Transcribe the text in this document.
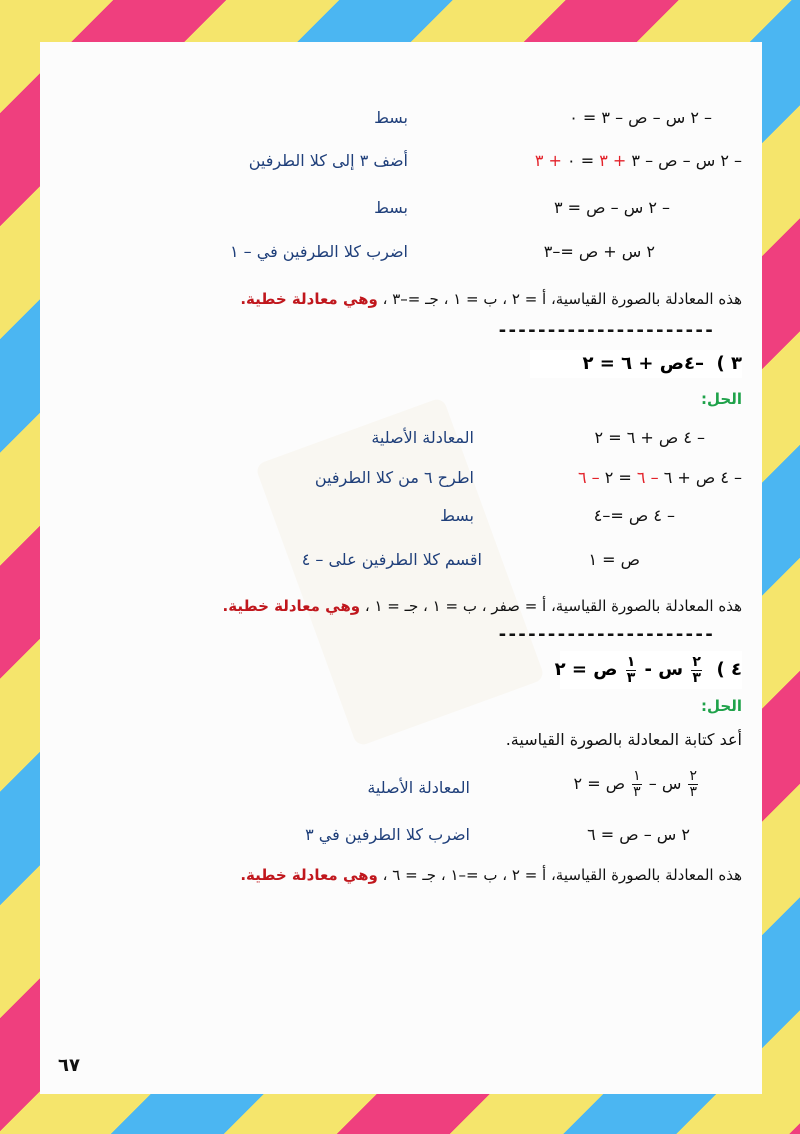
– ٢ س – ص – ٣ = ٠
بسط
– ٢ س – ص – ٣ + ٣ = ٠ + ٣
أضف ٣ إلى كلا الطرفين
– ٢ س – ص = ٣
بسط
٢ س + ص =–٣
اضرب كلا الطرفين في – ١
هذه المعادلة بالصورة القياسية، أ = ٢ ، ب = ١ ، جـ =–٣ ، وهي معادلة خطية.
----------------------
٣ )  –٤ص + ٦ = ٢
الحل:
– ٤ ص + ٦ = ٢
المعادلة الأصلية
– ٤ ص + ٦ – ٦ = ٢ – ٦
اطرح ٦ من كلا الطرفين
– ٤ ص =–٤
بسط
ص = ١
اقسم كلا الطرفين على – ٤
هذه المعادلة بالصورة القياسية، أ = صفر ، ب = ١ ، جـ = ١ ، وهي معادلة خطية.
----------------------
٤ )
$\frac{٢}{٣}$
س -
$\frac{١}{٣}$
ص = ٢
الحل:
أعد كتابة المعادلة بالصورة القياسية.
$\frac{٢}{٣}$
س –
$\frac{١}{٣}$
ص = ٢
المعادلة الأصلية
٢ س – ص = ٦
اضرب كلا الطرفين في ٣
هذه المعادلة بالصورة القياسية، أ = ٢ ، ب =–١ ، جـ = ٦ ، وهي معادلة خطية.
٦٧
